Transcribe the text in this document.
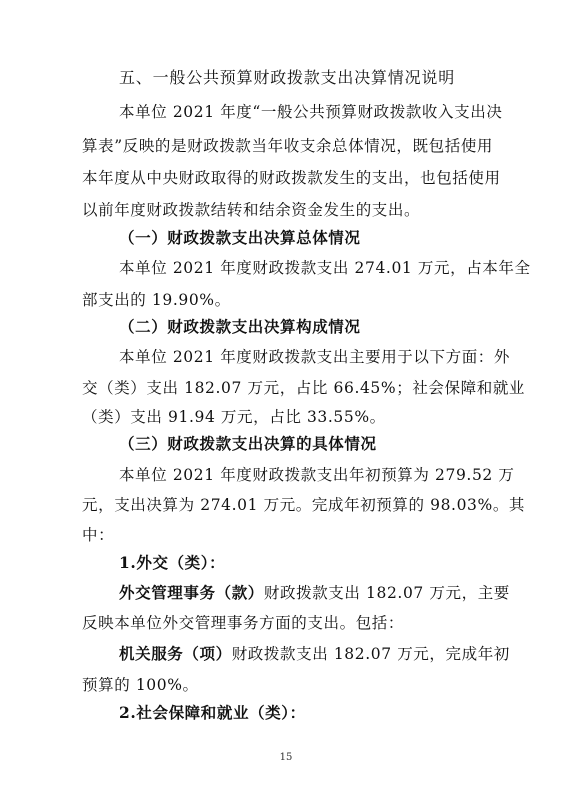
五、一般公共预算财政拨款支出决算情况说明
本单位 2021 年度“一般公共预算财政拨款收入支出决
算表”反映的是财政拨款当年收支余总体情况，既包括使用
本年度从中央财政取得的财政拨款发生的支出，也包括使用
以前年度财政拨款结转和结余资金发生的支出。
（一）财政拨款支出决算总体情况
本单位 2021 年度财政拨款支出 274.01 万元，占本年全
部支出的 19.90%。
（二）财政拨款支出决算构成情况
本单位 2021 年度财政拨款支出主要用于以下方面：外
交（类）支出 182.07 万元，占比 66.45%；社会保障和就业
（类）支出 91.94 万元，占比 33.55%。
（三）财政拨款支出决算的具体情况
本单位 2021 年度财政拨款支出年初预算为 279.52 万
元，支出决算为 274.01 万元。完成年初预算的 98.03%。其
中：
1.外交（类）：
外交管理事务（款）财政拨款支出 182.07 万元，主要
反映本单位外交管理事务方面的支出。包括：
机关服务（项）财政拨款支出 182.07 万元，完成年初
预算的 100%。
2.社会保障和就业（类）：
15
